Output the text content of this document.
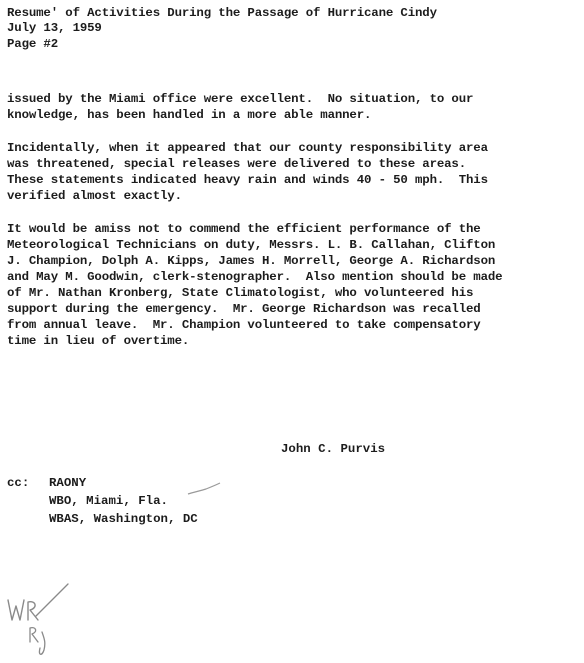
Resume' of Activities During the Passage of Hurricane Cindy
July 13, 1959
Page #2
issued by the Miami office were excellent.  No situation, to our
knowledge, has been handled in a more able manner.
Incidentally, when it appeared that our county responsibility area
was threatened, special releases were delivered to these areas.
These statements indicated heavy rain and winds 40 - 50 mph.  This
verified almost exactly.
It would be amiss not to commend the efficient performance of the
Meteorological Technicians on duty, Messrs. L. B. Callahan, Clifton
J. Champion, Dolph A. Kipps, James H. Morrell, George A. Richardson
and May M. Goodwin, clerk-stenographer.  Also mention should be made
of Mr. Nathan Kronberg, State Climatologist, who volunteered his
support during the emergency.  Mr. George Richardson was recalled
from annual leave.  Mr. Champion volunteered to take compensatory
time in lieu of overtime.
John C. Purvis
cc: RAONY
WBO, Miami, Fla.
WBAS, Washington, DC
WRB
